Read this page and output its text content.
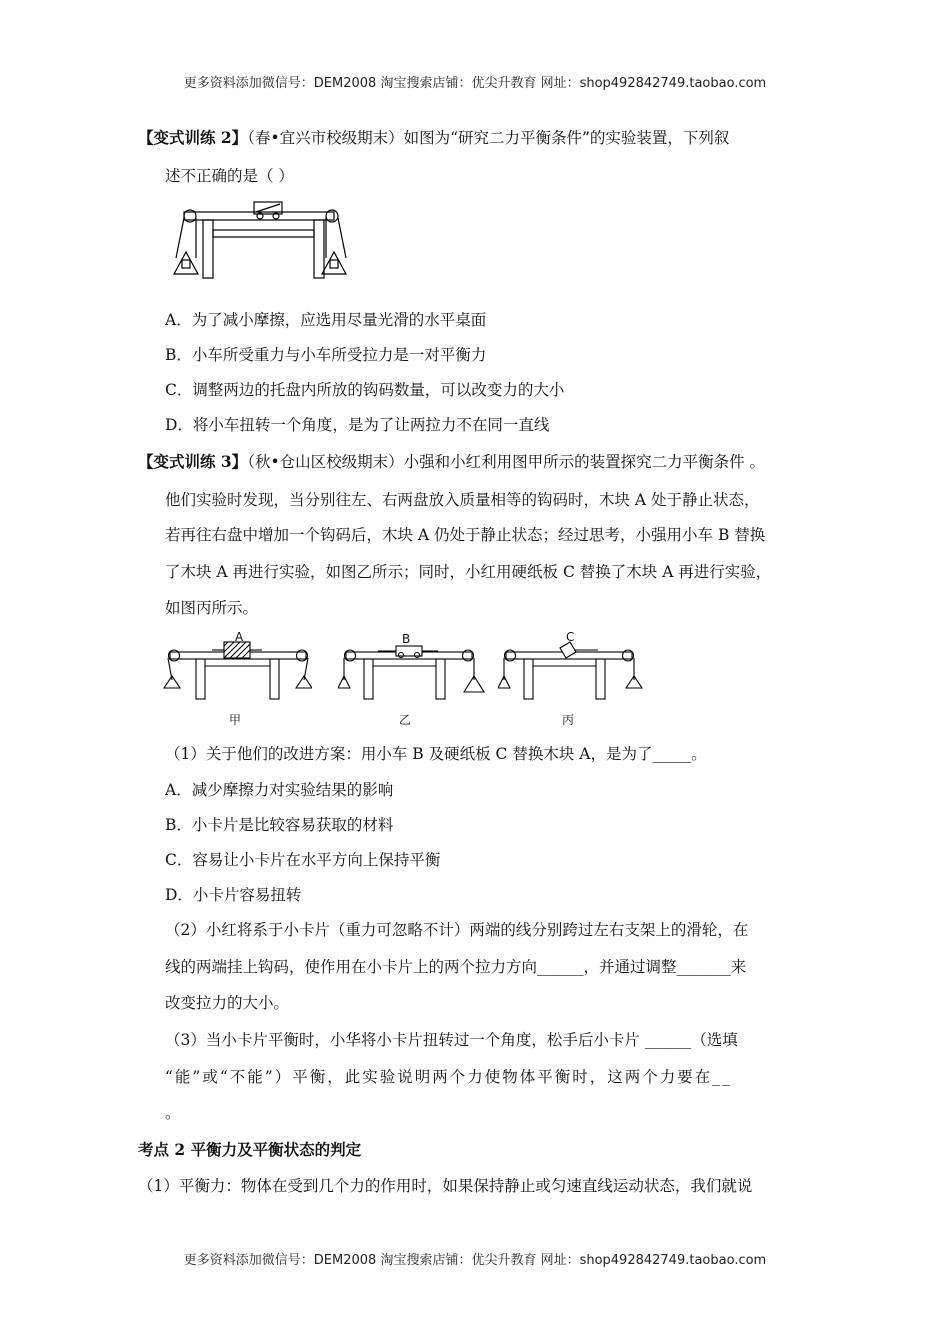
更多资料添加微信号：DEM2008 淘宝搜索店铺：优尖升教育 网址：shop492842749.taobao.com
【变式训练 2】（春•宜兴市校级期末）如图为“研究二力平衡条件”的实验装置，下列叙
述不正确的是（ ）
A．为了减小摩擦，应选用尽量光滑的水平桌面
B．小车所受重力与小车所受拉力是一对平衡力
C．调整两边的托盘内所放的钩码数量，可以改变力的大小
D．将小车扭转一个角度，是为了让两拉力不在同一直线
【变式训练 3】（秋•仓山区校级期末）小强和小红利用图甲所示的装置探究二力平衡条件 。
他们实验时发现，当分别往左、右两盘放入质量相等的钩码时，木块 A 处于静止状态，
若再往右盘中增加一个钩码后，木块 A 仍处于静止状态；经过思考，小强用小车 B 替换
了木块 A 再进行实验，如图乙所示；同时，小红用硬纸板 C 替换了木块 A 再进行实验，
如图丙所示。
A
甲
B
乙
C
丙
（1）关于他们的改进方案：用小车 B 及硬纸板 C 替换木块 A，是为了_____。
A．减少摩擦力对实验结果的影响
B．小卡片是比较容易获取的材料
C．容易让小卡片在水平方向上保持平衡
D．小卡片容易扭转
（2）小红将系于小卡片（重力可忽略不计）两端的线分别跨过左右支架上的滑轮，在
线的两端挂上钩码，使作用在小卡片上的两个拉力方向______，并通过调整_______来
改变拉力的大小。
（3）当小卡片平衡时，小华将小卡片扭转过一个角度，松手后小卡片 ______（选填
“能”或“不能”）平衡，此实验说明两个力使物体平衡时，这两个力要在__
。
考点 2 平衡力及平衡状态的判定
（1）平衡力：物体在受到几个力的作用时，如果保持静止或匀速直线运动状态，我们就说
更多资料添加微信号：DEM2008 淘宝搜索店铺：优尖升教育 网址：shop492842749.taobao.com
